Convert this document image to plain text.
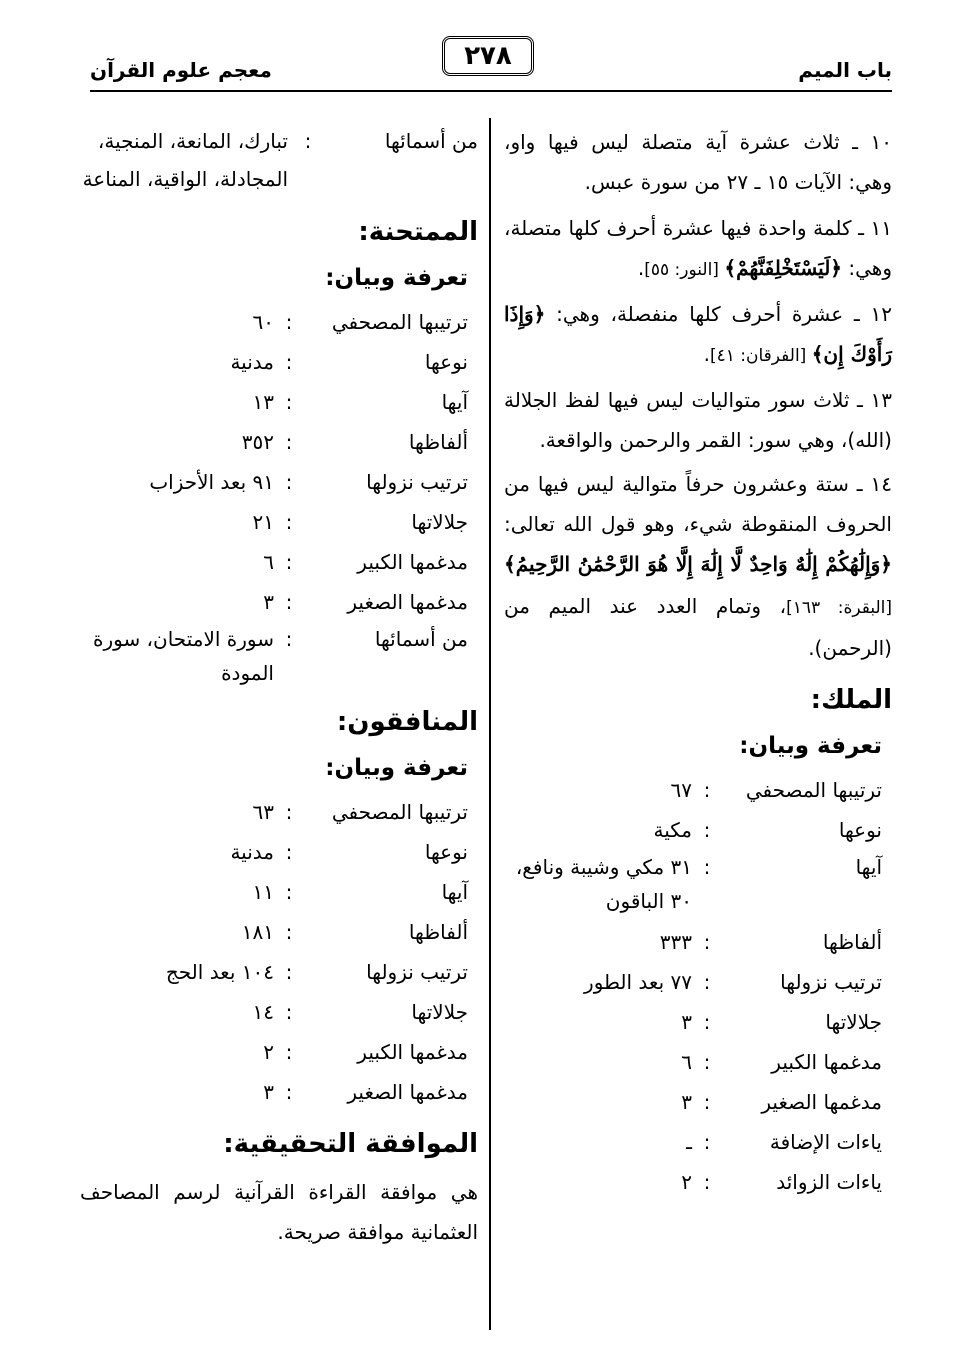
باب الميم
٢٧٨
معجم علوم القرآن

١٠ ـ ثلاث عشرة آية متصلة ليس فيها واو، وهي: الآيات ١٥ ـ ٢٧ من سورة عبس.

١١ ـ كلمة واحدة فيها عشرة أحرف كلها متصلة، وهي: ﴿لَيَسْتَخْلِفَنَّهُمْ﴾ [النور: ٥٥].

١٢ ـ عشرة أحرف كلها منفصلة، وهي: ﴿وَإِذَا رَأَوْكَ إِن﴾ [الفرقان: ٤١].

١٣ ـ ثلاث سور متواليات ليس فيها لفظ الجلالة (الله)، وهي سور: القمر والرحمن والواقعة.

١٤ ـ ستة وعشرون حرفاً متوالية ليس فيها من الحروف المنقوطة شيء، وهو قول الله تعالى: ﴿وَإِلَٰهُكُمْ إِلَٰهٌ وَاحِدٌ لَّا إِلَٰهَ إِلَّا هُوَ الرَّحْمَٰنُ الرَّحِيمُ﴾ [البقرة: ١٦٣]، وتمام العدد عند الميم من (الرحمن).

الملك:
تعرفة وبيان:
ترتيبها المصحفي
:
٦٧
نوعها
:
مكية
آيها
:
٣١ مكي وشيبة ونافع، ٣٠ الباقون
ألفاظها
:
٣٣٣
ترتيب نزولها
:
٧٧ بعد الطور
جلالاتها
:
٣
مدغمها الكبير
:
٦
مدغمها الصغير
:
٣
ياءات الإضافة
:
ـ
ياءات الزوائد
:
٢
من أسمائها
:
تبارك، المانعة، المنجية، المجادلة، الواقية، المناعة
الممتحنة:
تعرفة وبيان:
ترتيبها المصحفي
:
٦٠
نوعها
:
مدنية
آيها
:
١٣
ألفاظها
:
٣٥٢
ترتيب نزولها
:
٩١ بعد الأحزاب
جلالاتها
:
٢١
مدغمها الكبير
:
٦
مدغمها الصغير
:
٣
من أسمائها
:
سورة الامتحان، سورة المودة
المنافقون:
تعرفة وبيان:
ترتيبها المصحفي
:
٦٣
نوعها
:
مدنية
آيها
:
١١
ألفاظها
:
١٨١
ترتيب نزولها
:
١٠٤ بعد الحج
جلالاتها
:
١٤
مدغمها الكبير
:
٢
مدغمها الصغير
:
٣
الموافقة التحقيقية:

هي موافقة القراءة القرآنية لرسم المصاحف العثمانية موافقة صريحة.
